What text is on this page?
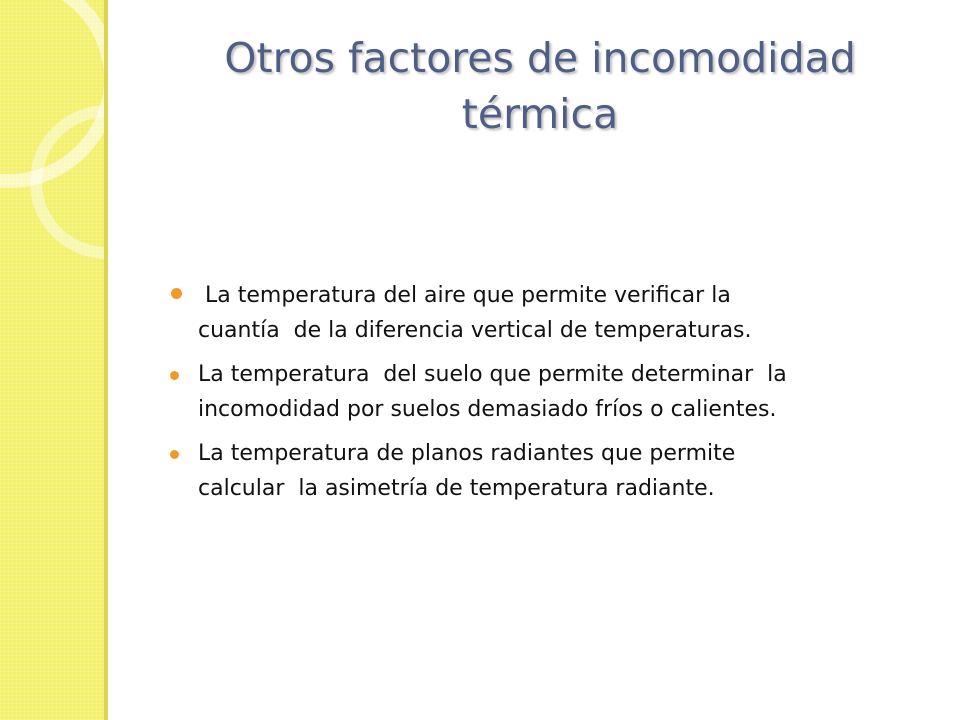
Otros factores de incomodidad
térmica
La temperatura del aire que permite verificar la
cuantía  de la diferencia vertical de temperaturas.
La temperatura  del suelo que permite determinar  la
incomodidad por suelos demasiado fríos o calientes.
La temperatura de planos radiantes que permite
calcular  la asimetría de temperatura radiante.
